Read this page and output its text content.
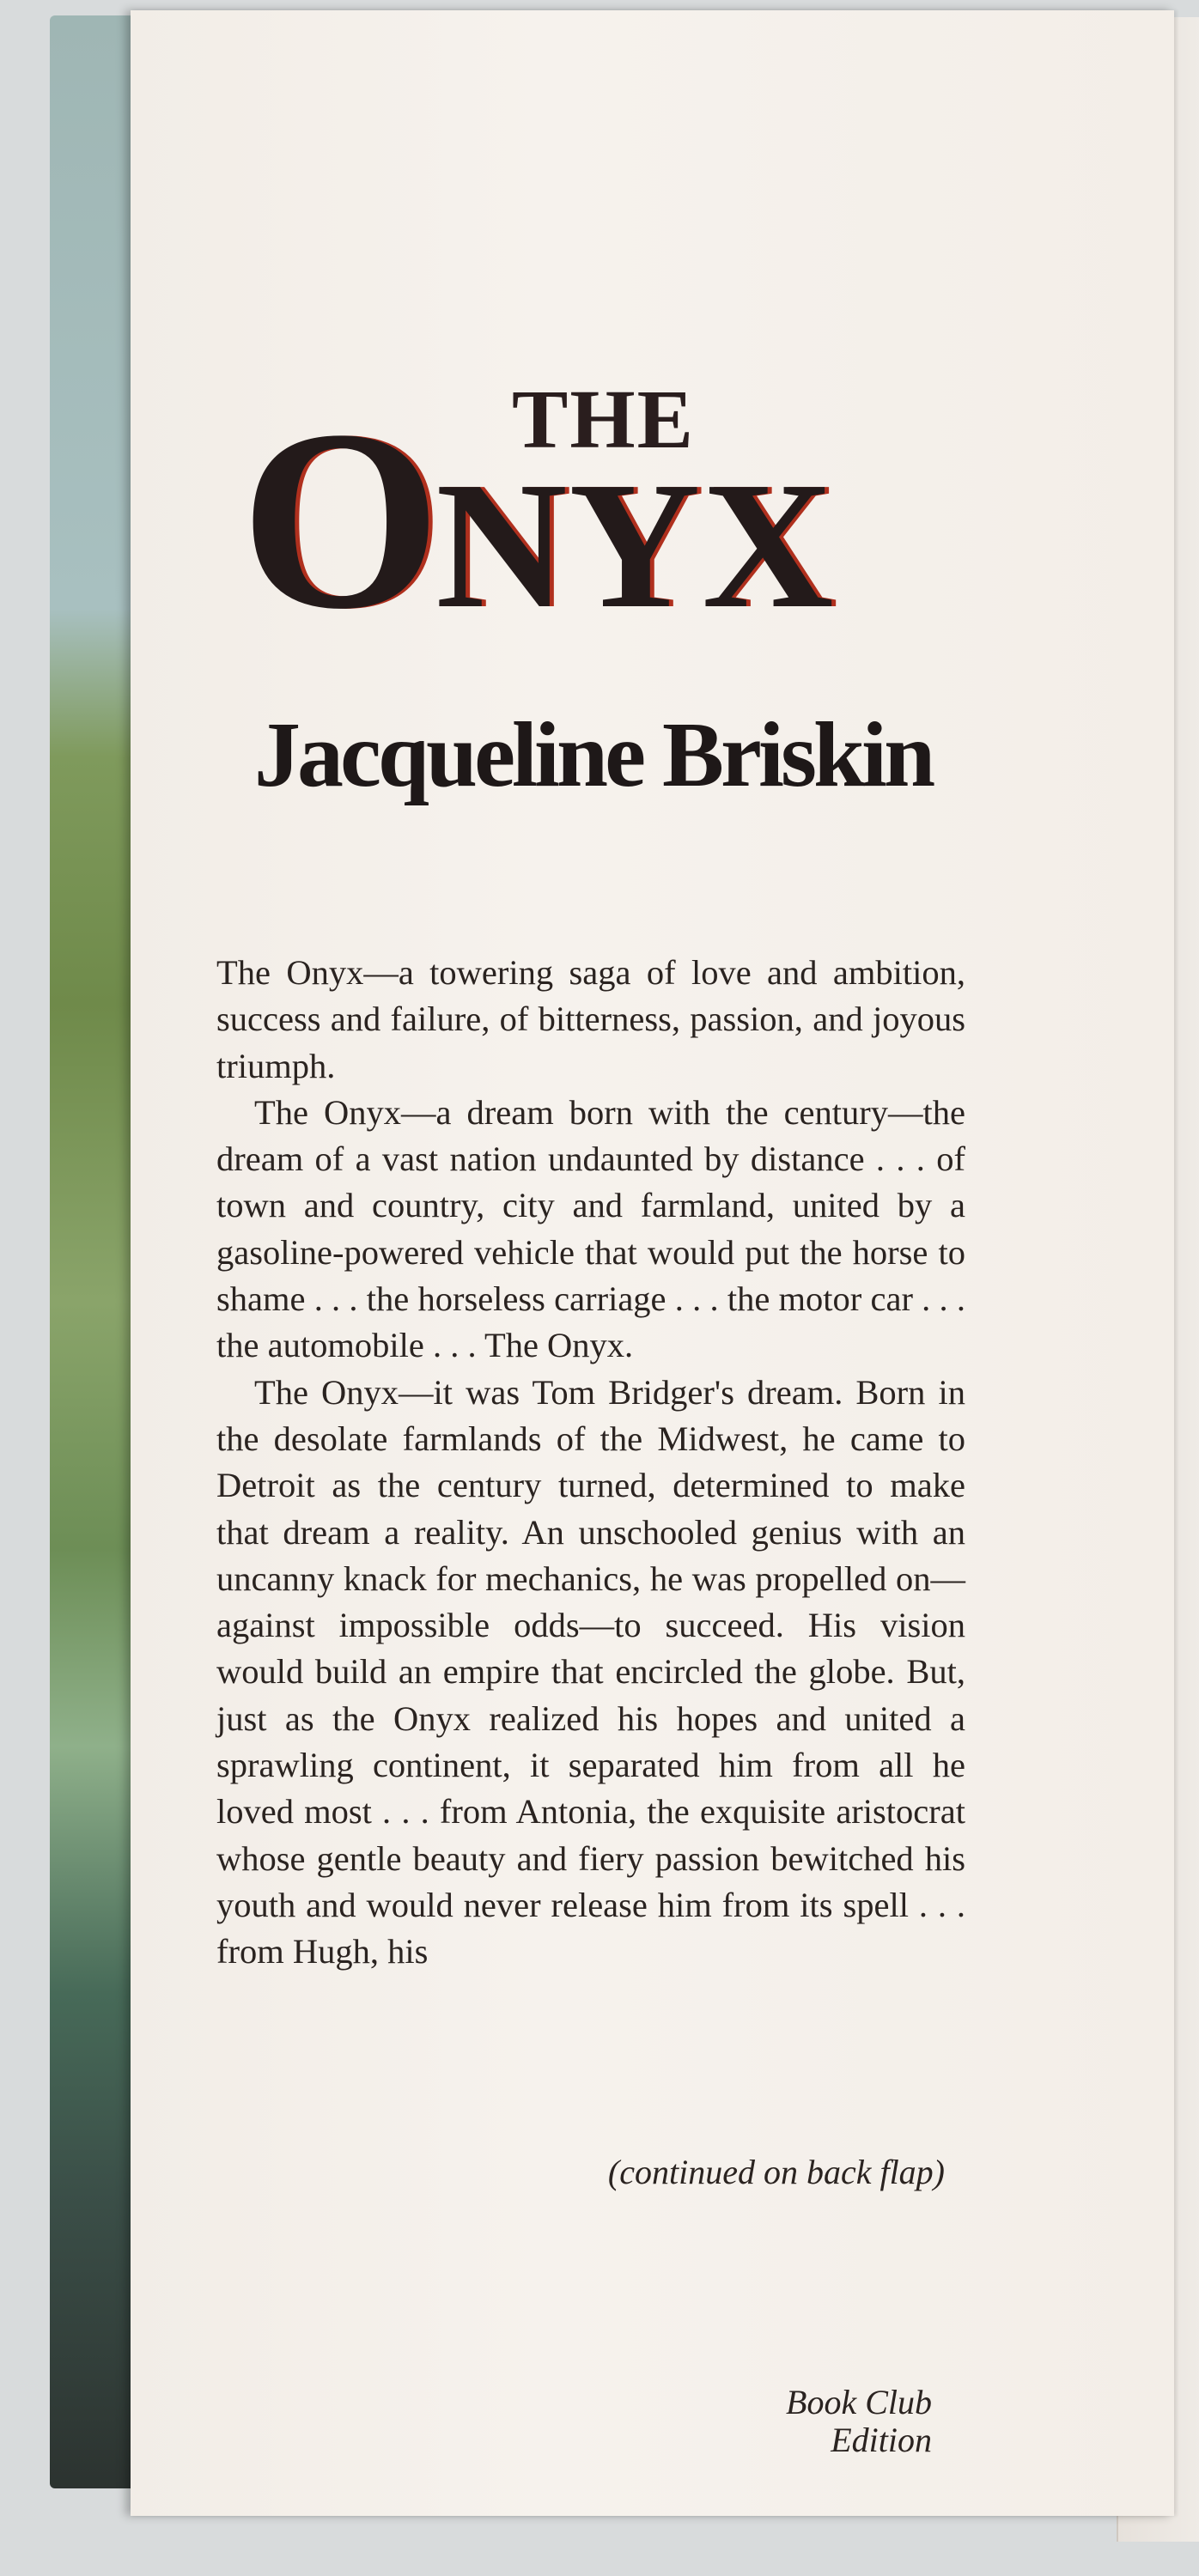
THE
ONYX
Jacqueline Briskin

The Onyx—a towering saga of love and ambition, success and failure, of bitterness, passion, and joyous triumph.

The Onyx—a dream born with the century—the dream of a vast nation undaunted by distance . . . of town and country, city and farmland, united by a gasoline-powered vehicle that would put the horse to shame . . . the horseless carriage . . . the motor car . . . the automobile . . . The Onyx.

The Onyx—it was Tom Bridger's dream. Born in the desolate farmlands of the Midwest, he came to Detroit as the century turned, determined to make that dream a reality. An unschooled genius with an uncanny knack for mechanics, he was propelled on—against impossible odds—to succeed. His vision would build an empire that encircled the globe. But, just as the Onyx realized his hopes and united a sprawling continent, it separated him from all he loved most . . . from Antonia, the exquisite aristocrat whose gentle beauty and fiery passion bewitched his youth and would never release him from its spell . . . from Hugh, his

(continued on back flap)
Book Club
Edition
